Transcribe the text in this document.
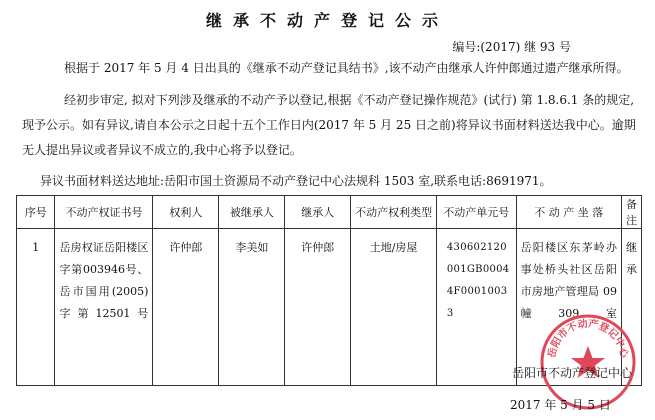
继承不动产登记公示
编号:(2017) 继 93 号

根据于 2017 年 5 月 4 日出具的《继承不动产登记具结书》,该不动产由继承人许仲郎通过遗产继承所得。

经初步审定, 拟对下列涉及继承的不动产予以登记,根据《不动产登记操作规范》(试行) 第 1.8.6.1 条的规定,现予公示。如有异议,请自本公示之日起十五个工作日内(2017 年 5 月 25 日之前)将异议书面材料送达我中心。逾期无人提出异议或者异议不成立的,我中心将予以登记。

异议书面材料送达地址:岳阳市国土资源局不动产登记中心法规科 1503 室,联系电话:8691971。
序号	不动产权证书号	权利人	被继承人	继承人	不动产权利类型	不动产单元号	不 动 产 坐 落	备注
1	岳房权证岳阳楼区字第003946号、岳市国用(2005)字第12501号	许仲郎	李美如	许仲郎	土地/房屋	430602120001GB00044F00010033	岳阳楼区东茅岭办事处桥头社区岳阳市房地产管理局 09 幢309室	继承
岳阳市不动产登记中心
岳阳市不动产登记中心
2017 年 5 月 5 日
